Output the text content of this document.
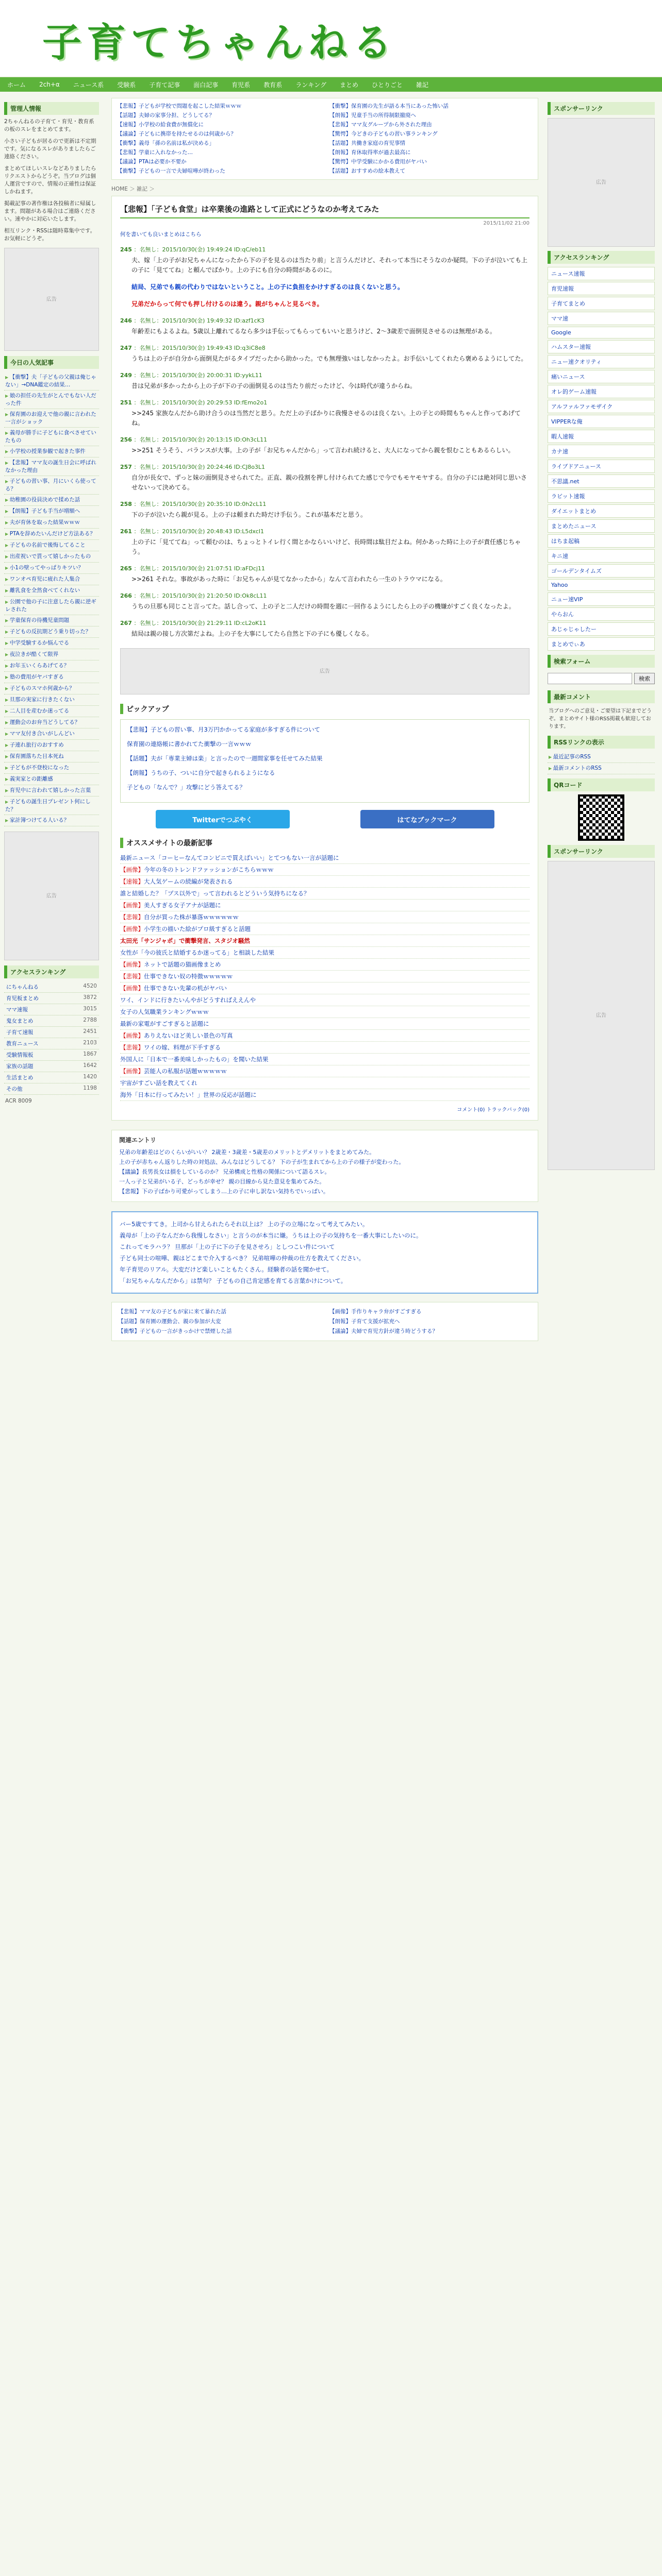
子育てちゃんねる
ホーム 2ch+α ニュース系 受験系 子育て記事 面白記事 育児系 教育系 ランキング まとめ ひとりごと 雑記
管理人情報

2ちゃんねるの子育て・育児・教育系の板のスレをまとめてます。

小さい子どもが居るので更新は不定期です。気になるスレがありましたらご連絡ください。

まとめてほしいスレなどありましたらリクエストからどうぞ。当ブログは個人運営ですので、情報の正確性は保証しかねます。

掲載記事の著作権は各投稿者に帰属します。問題がある場合はご連絡ください。速やかに対応いたします。

相互リンク・RSSは随時募集中です。お気軽にどうぞ。

広告
今日の人気記事
▶ 【衝撃】夫「子どもの父親は俺じゃない」→DNA鑑定の結果…
▶ 娘の担任の先生がとんでもない人だった件
▶ 保育園のお迎えで他の親に言われた一言がショック
▶ 義母が勝手に子どもに食べさせていたもの
▶ 小学校の授業参観で起きた事件
▶ 【悲報】ママ友の誕生日会に呼ばれなかった理由
▶ 子どもの習い事、月にいくら使ってる？
▶ 幼稚園の役員決めで揉めた話
▶ 【朗報】子ども手当が増額へ
▶ 夫が育休を取った結果ｗｗｗ
▶ PTAを辞めたいんだけど方法ある？
▶ 子どもの名前で後悔してること
▶ 出産祝いで貰って嬉しかったもの
▶ 小1の壁ってやっぱりキツい？
▶ ワンオペ育児に疲れた人集合
▶ 離乳食を全然食べてくれない
▶ 公園で他の子に注意したら親に逆ギレされた
▶ 学童保育の待機児童問題
▶ 子どもの反抗期どう乗り切った？
▶ 中学受験するか悩んでる
▶ 夜泣きが酷くて限界
▶ お年玉いくらあげてる？
▶ 塾の費用がヤバすぎる
▶ 子どものスマホ何歳から？
▶ 旦那の実家に行きたくない
▶ 二人目を産むか迷ってる
▶ 運動会のお弁当どうしてる？
▶ ママ友付き合いがしんどい
▶ 子連れ旅行のおすすめ
▶ 保育園落ちた日本死ね
▶ 子どもが不登校になった
▶ 義実家との距離感
▶ 育児中に言われて嬉しかった言葉
▶ 子どもの誕生日プレゼント何にした？
▶ 家計簿つけてる人いる？
広告
アクセスランキング
にちゃんねる	4520
育児板まとめ	3872
ママ速報	3015
鬼女まとめ	2788
子育て速報	2451
教育ニュース	2103
受験情報板	1867
家族の話題	1642
生活まとめ	1420
その他	1198
ACR 8009
【悲報】子どもが学校で問題を起こした結果ｗｗｗ	【衝撃】保育園の先生が語る本当にあった怖い話
【話題】夫婦の家事分担、どうしてる？	【朗報】児童手当の所得制限撤廃へ
【速報】小学校の給食費が無償化に	【悲報】ママ友グループから外された理由
【議論】子どもに携帯を持たせるのは何歳から？	【驚愕】今どきの子どもの習い事ランキング
【衝撃】義母「孫の名前は私が決める」	【話題】共働き家庭の育児事情
【悲報】学童に入れなかった…	【朗報】育休取得率が過去最高に
【議論】PTAは必要か不要か	【驚愕】中学受験にかかる費用がヤバい
【衝撃】子どもの一言で夫婦喧嘩が終わった	【話題】おすすめの絵本教えて
HOME ＞ 雑記 ＞
【悲報】「子ども食堂」は卒業後の進路として正式にどうなのか考えてみた
2015/11/02 21:00
何を書いても良いまとめはこちら
245 ：名無し：2015/10/30(金) 19:49:24 ID:qC/eb11
夫、嫁「上の子がお兄ちゃんになったから下の子を見るのは当たり前」と言うんだけど、それって本当にそうなのか疑問。下の子が泣いても上の子に「見ててね」と頼んでばかり。上の子にも自分の時間があるのに。
結局、兄弟でも親の代わりではないということ。上の子に負担をかけすぎるのは良くないと思う。
兄弟だからって何でも押し付けるのは違う。親がちゃんと見るべき。
246 ：名無し：2015/10/30(金) 19:49:32 ID:azf1cK3
年齢差にもよるよね。5歳以上離れてるなら多少は手伝ってもらってもいいと思うけど、2〜3歳差で面倒見させるのは無理がある。
247 ：名無し：2015/10/30(金) 19:49:43 ID:q3iC8e8
うちは上の子が自分から面倒見たがるタイプだったから助かった。でも無理強いはしなかったよ。お手伝いしてくれたら褒めるようにしてた。
249 ：名無し：2015/10/30(金) 20:00:31 ID:yykL11
昔は兄弟が多かったから上の子が下の子の面倒見るのは当たり前だったけど、今は時代が違うからね。
251 ：名無し：2015/10/30(金) 20:29:53 ID:fEmo2o1
>>245 家族なんだから助け合うのは当然だと思う。ただ上の子ばかりに我慢させるのは良くない。上の子との時間もちゃんと作ってあげてね。
256 ：名無し：2015/10/30(金) 20:13:15 ID:Oh3cL11
>>251 そうそう、バランスが大事。上の子が「お兄ちゃんだから」って言われ続けると、大人になってから親を恨むこともあるらしい。
257 ：名無し：2015/10/30(金) 20:24:46 ID:CJ8o3L1
自分が長女で、ずっと妹の面倒見させられてた。正直、親の役割を押し付けられてた感じで今でもモヤモヤする。自分の子には絶対同じ思いさせないって決めてる。
258 ：名無し：2015/10/30(金) 20:35:10 ID:0h2cL11
下の子が泣いたら親が見る。上の子は頼まれた時だけ手伝う。これが基本だと思う。
261 ：名無し：2015/10/30(金) 20:48:43 ID:L5dxcI1
上の子に「見ててね」って頼むのは、ちょっとトイレ行く間とかならいいけど、長時間は駄目だよね。何かあった時に上の子が責任感じちゃう。
265 ：名無し：2015/10/30(金) 21:07:51 ID:aFDcj11
>>261 それな。事故があった時に「お兄ちゃんが見てなかったから」なんて言われたら一生のトラウマになる。
266 ：名無し：2015/10/30(金) 21:20:50 ID:Ok8cL11
うちの旦那も同じこと言ってた。話し合って、上の子と二人だけの時間を週に一回作るようにしたら上の子の機嫌がすごく良くなったよ。
267 ：名無し：2015/10/30(金) 21:29:11 ID:cL2oK11
結局は親の接し方次第だよね。上の子を大事にしてたら自然と下の子にも優しくなる。
広告
ピックアップ

【悲報】子どもの習い事、月3万円かかってる家庭が多すぎる件について

保育園の連絡帳に書かれてた衝撃の一言ｗｗｗ

【話題】夫が「専業主婦は楽」と言ったので一週間家事を任せてみた結果

【朗報】うちの子、ついに自分で起きられるようになる

子どもの「なんで？」攻撃にどう答えてる？

Twitterでつぶやく	はてなブックマーク
オススメサイトの最新記事
最新ニュース「コーヒーなんてコンビニで買えばいい」とてつもない一言が話題に
【画像】今年の冬のトレンドファッションがこちらｗｗｗ
【速報】大人気ゲームの続編が発表される
誰と結婚した？「プス以外で」って言われるとどういう気持ちになる？
【画像】美人すぎる女子アナが話題に
【悲報】自分が買った株が暴落ｗｗｗｗｗｗ
【画像】小学生の描いた絵がプロ級すぎると話題
太田光「サンジャポ」で衝撃発言、スタジオ騒然
女性が「今の彼氏と結婚するか迷ってる」と相談した結果
【画像】ネットで話題の猫画像まとめ
【悲報】仕事できない奴の特徴ｗｗｗｗｗ
【画像】仕事できない先輩の机がヤバい
ワイ、インドに行きたいんやがどうすればええんや
女子の人気職業ランキングｗｗｗ
最新の家電がすごすぎると話題に
【画像】ありえないほど美しい景色の写真
【悲報】ワイの嫁、料理が下手すぎる
外国人に「日本で一番美味しかったもの」を聞いた結果
【画像】芸能人の私服が話題ｗｗｗｗｗ
宇宙がすごい話を教えてくれ
海外「日本に行ってみたい！」世界の反応が話題に
コメント(0) トラックバック(0)
関連エントリ

兄弟の年齢差はどのくらいがいい？ 2歳差・3歳差・5歳差のメリットとデメリットをまとめてみた。

上の子が赤ちゃん返りした時の対処法、みんなはどうしてる？ 下の子が生まれてから上の子の様子が変わった。

【議論】長男長女は損をしているのか？ 兄弟構成と性格の関係について語るスレ。

一人っ子と兄弟がいる子、どっちが幸せ？ 親の目線から見た意見を集めてみた。

【悲報】下の子ばかり可愛がってしまう…上の子に申し訳ない気持ちでいっぱい。

バー5歳ですてき。上司から甘えられたらそれ以上は？ 上の子の立場になって考えてみたい。

義母が「上の子なんだから我慢しなさい」と言うのが本当に嫌。うちは上の子の気持ちを一番大事にしたいのに。

これってモラハラ？ 旦那が「上の子に下の子を見させろ」としつこい件について

子ども同士の喧嘩、親はどこまで介入するべき？ 兄弟喧嘩の仲裁の仕方を教えてください。

年子育児のリアル。大変だけど楽しいこともたくさん。経験者の話を聞かせて。

「お兄ちゃんなんだから」は禁句？ 子どもの自己肯定感を育てる言葉かけについて。

【悲報】ママ友の子どもが家に来て暴れた話	【画像】手作りキャラ弁がすごすぎる
【話題】保育園の運動会、親の参加が大変	【朗報】子育て支援が拡充へ
【衝撃】子どもの一言がきっかけで禁煙した話	【議論】夫婦で育児方針が違う時どうする？
スポンサーリンク
広告
アクセスランキング
ニュース速報
育児速報
子育てまとめ
ママ速
Google
ハムスター速報
ニュー速クオリティ
痛いニュース
オレ的ゲーム速報
アルファルファモザイク
VIPPERな俺
暇人速報
カナ速
ライブドアニュース
不思議.net
ラビット速報
ダイエットまとめ
まとめたニュース
はちま起稿
キニ速
ゴールデンタイムズ
Yahoo
ニュー速VIP
やらおん
あじゃじゃしたー
まとめでぃあ
検索フォーム
検索
最新コメント
当ブログへのご意見・ご要望は下記までどうぞ。まとめサイト様のRSS掲載も歓迎しております。
RSSリンクの表示
▶ 最近記事のRSS
▶ 最新コメントのRSS
QRコード
スポンサーリンク
広告
